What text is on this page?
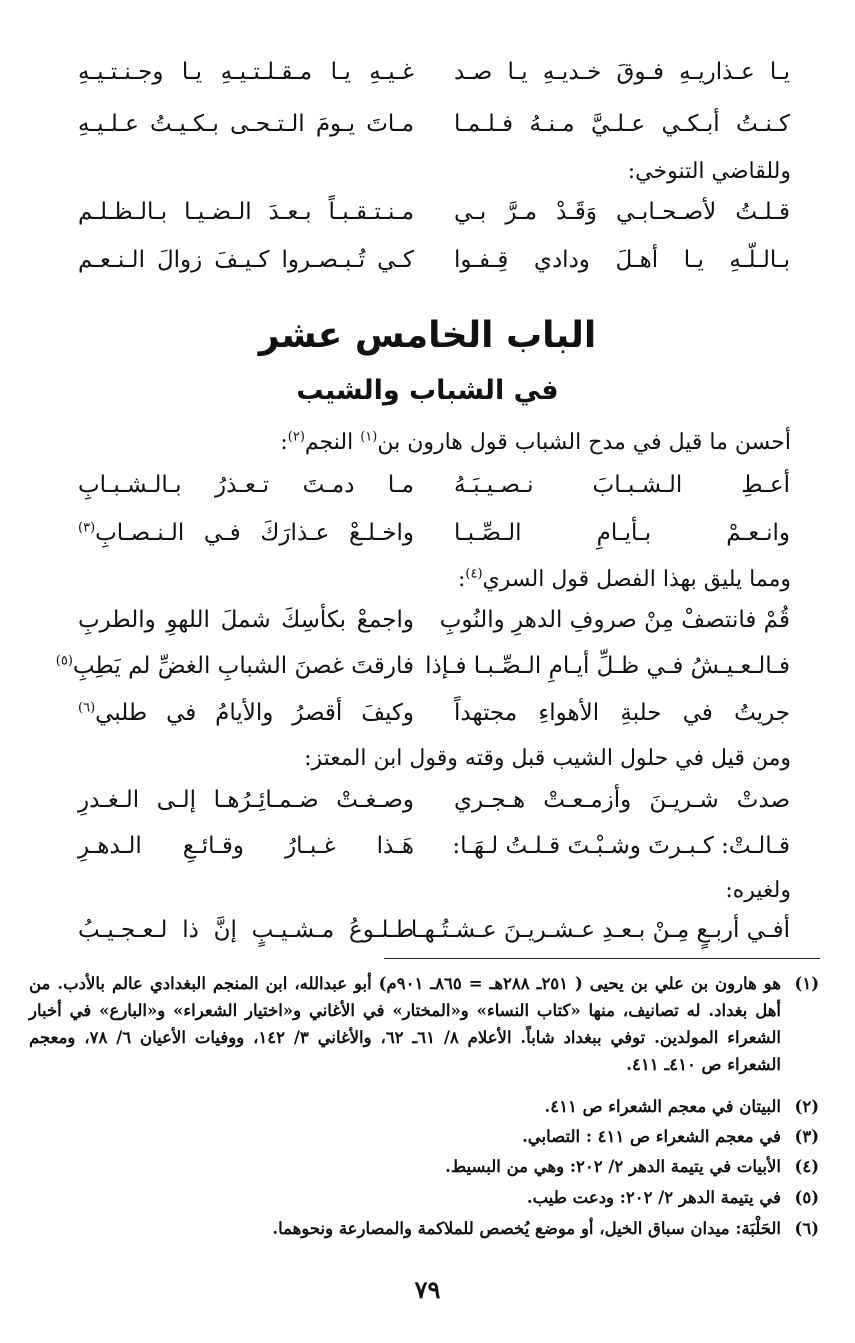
يـا عـذاريـهِ فـوقَ خـديـهِ يـا صـد
غـيـهِ يـا مـقـلـتـيـهِ يـا وجـنـتـيـهِ
كـنـتُ أبـكـي عـلـيَّ مـنـهُ فـلـمـا
مـاتَ يـومَ الـتـحـى بـكـيـتُ عـلـيـهِ
وللقاضي التنوخي:
قـلـتُ لأصـحـابـي وَقَـدْ مـرَّ بـي
مـنـتـقـبـاً بـعـدَ الـضـيـا بـالـظـلـم
بـالـلّـهِ يـا أهـلَ ودادي قِـفـوا
كـي تُـبـصـروا كـيـفَ زوالَ الـنـعـم
الباب الخامس عشر
في الشباب والشيب
أحسن ما قيل في مدح الشباب قول هارون بن$^{(١)}$ النجم$^{(٢)}$:
أعـطِ الـشـبـابَ نـصـيـبَـهُ
مـا دمـتَ تـعـذرُ بـالـشـبـابِ
وانـعـمْ بـأيـامِ الـصِّـبـا
واخـلـعْ عـذارَكَ فـي الـنـصـابِ$^{(٣)}$
ومما يليق بهذا الفصل قول السري$^{(٤)}$:
قُمْ فانتصفْ مِنْ صروفِ الدهرِ والنُوبِ
واجمعْ بكأسِكَ شملَ اللهوِ والطربِ
فـالـعـيـشُ فـي ظـلِّ أيـامِ الـصِّـبـا فـإذا
فارقتَ غصنَ الشبابِ الغضِّ لم يَطِبِ$^{(٥)}$
جريتُ في حلبةِ الأهواءِ مجتهداً
وكيفَ أقصرُ والأيامُ في طلبي$^{(٦)}$
ومن قيل في حلول الشيب قبل وقته وقول ابن المعتز:
صدتْ شـريـنَ وأزمـعـتْ هـجـري
وصـغـتْ ضـمـائِـرُهـا إلـى الـغـدرِ
قـالـتْ: كـبـرتَ وشـبْـتَ قـلـتُ لـهَـا:
هَـذا غـبـارُ وقـائـعِ الـدهـرِ
ولغيره:
أفـي أربـعٍ مِـنْ بـعـدِ عـشـريـنَ عـشـتُـهـا
طـلـوعُ مـشـيـبٍ إنَّ ذا لـعـجـيـبُ
(١)
هو هارون بن علي بن يحيى ( ٢٥١ـ ٢٨٨هـ = ٨٦٥ـ ٩٠١م) أبو عبدالله، ابن المنجم البغدادي عالم بالأدب. من أهل بغداد. له تصانيف، منها «كتاب النساء» و«المختار» في الأغاني و«اختيار الشعراء» و«البارع» في أخبار الشعراء المولدين. توفي ببغداد شاباً. الأعلام ٨/ ٦١ـ ٦٢، والأغاني ٣/ ١٤٢، ووفيات الأعيان ٦/ ٧٨، ومعجم الشعراء ص ٤١٠ـ ٤١١.
(٢)
البيتان في معجم الشعراء ص ٤١١.
(٣)
في معجم الشعراء ص ٤١١ : التصابي.
(٤)
الأبيات في يتيمة الدهر ٢/ ٢٠٢: وهي من البسيط.
(٥)
في يتيمة الدهر ٢/ ٢٠٢: ودعت طيب.
(٦)
الحَلْبَة: ميدان سباق الخيل، أو موضع يُخصص للملاكمة والمصارعة ونحوهما.
٧٩
